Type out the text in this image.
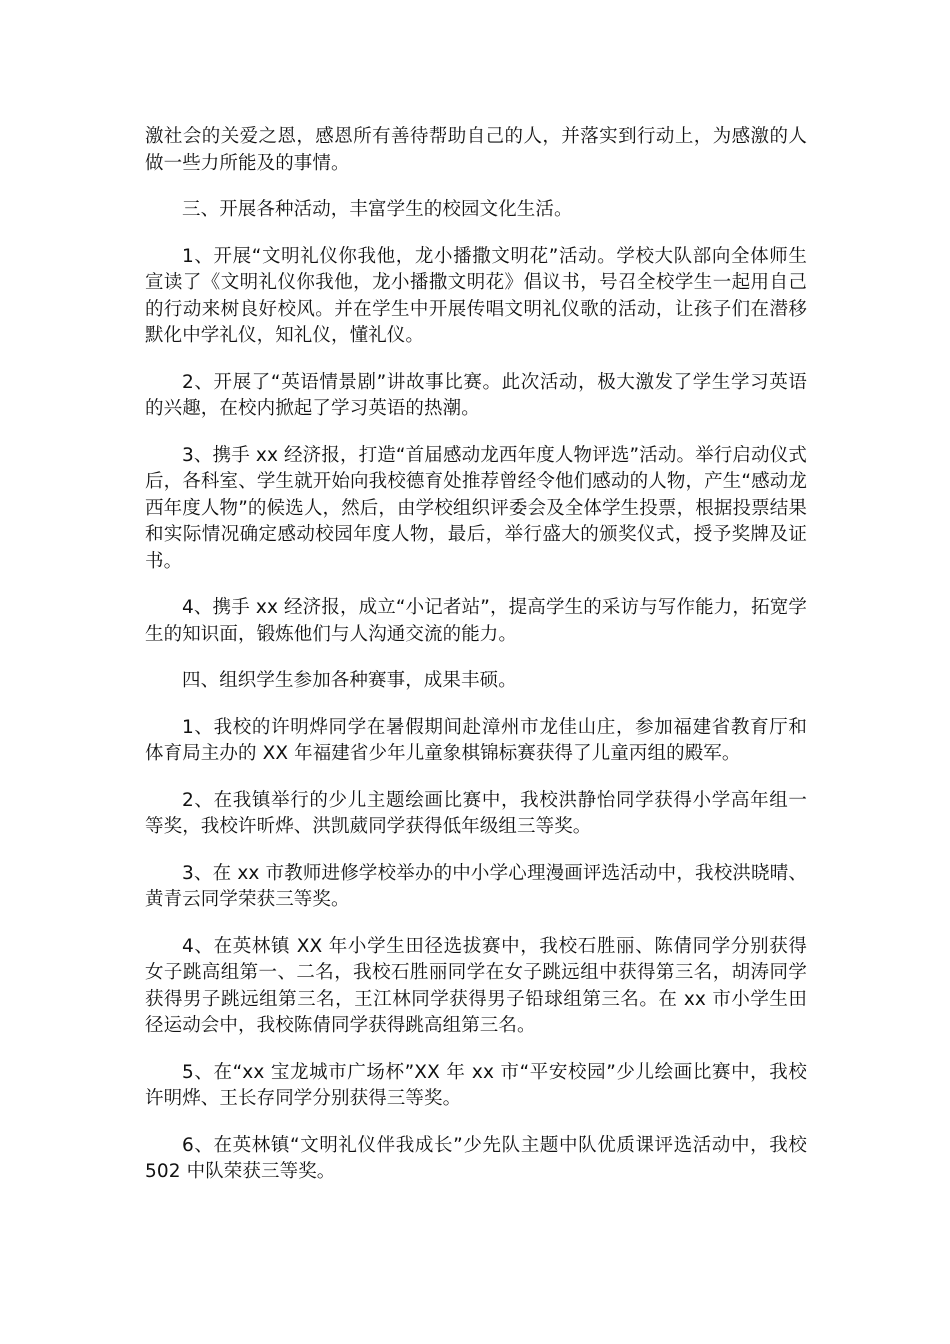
激社会的关爱之恩，感恩所有善待帮助自己的人，并落实到行动上，为感激的人做一些力所能及的事情。

三、开展各种活动，丰富学生的校园文化生活。

1、开展“文明礼仪你我他，龙小播撒文明花”活动。学校大队部向全体师生宣读了《文明礼仪你我他，龙小播撒文明花》倡议书，号召全校学生一起用自己的行动来树良好校风。并在学生中开展传唱文明礼仪歌的活动，让孩子们在潜移默化中学礼仪，知礼仪，懂礼仪。

2、开展了“英语情景剧”讲故事比赛。此次活动，极大激发了学生学习英语的兴趣，在校内掀起了学习英语的热潮。

3、携手 xx 经济报，打造“首届感动龙西年度人物评选”活动。举行启动仪式后，各科室、学生就开始向我校德育处推荐曾经令他们感动的人物，产生“感动龙西年度人物”的候选人，然后，由学校组织评委会及全体学生投票，根据投票结果和实际情况确定感动校园年度人物，最后，举行盛大的颁奖仪式，授予奖牌及证书。

4、携手 xx 经济报，成立“小记者站”，提高学生的采访与写作能力，拓宽学生的知识面，锻炼他们与人沟通交流的能力。

四、组织学生参加各种赛事，成果丰硕。

1、我校的许明烨同学在暑假期间赴漳州市龙佳山庄，参加福建省教育厅和体育局主办的 XX 年福建省少年儿童象棋锦标赛获得了儿童丙组的殿军。

2、在我镇举行的少儿主题绘画比赛中，我校洪静怡同学获得小学高年组一等奖，我校许昕烨、洪凯葳同学获得低年级组三等奖。

3、在 xx 市教师进修学校举办的中小学心理漫画评选活动中，我校洪晓晴、黄青云同学荣获三等奖。

4、在英林镇 XX 年小学生田径选拔赛中，我校石胜丽、陈倩同学分别获得女子跳高组第一、二名，我校石胜丽同学在女子跳远组中获得第三名，胡涛同学获得男子跳远组第三名，王江林同学获得男子铅球组第三名。在 xx 市小学生田径运动会中，我校陈倩同学获得跳高组第三名。

5、在“xx 宝龙城市广场杯”XX 年 xx 市“平安校园”少儿绘画比赛中，我校许明烨、王长存同学分别获得三等奖。

6、在英林镇“文明礼仪伴我成长”少先队主题中队优质课评选活动中，我校 502 中队荣获三等奖。
